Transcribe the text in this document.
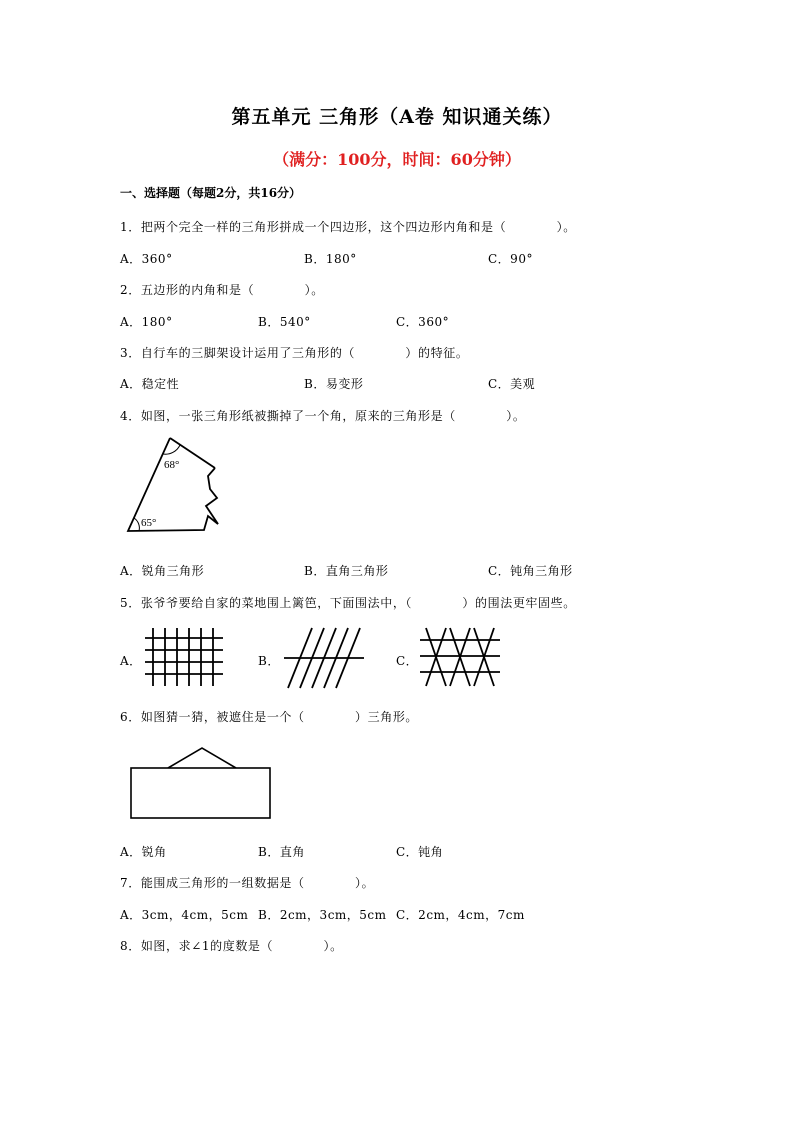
第五单元 三角形（A卷 知识通关练）
（满分：100分，时间：60分钟）
一、选择题（每题2分，共16分）
1．把两个完全一样的三角形拼成一个四边形，这个四边形内角和是（　　　　）。
A．360°	B．180°	C．90°
2．五边形的内角和是（　　　　）。
A．180°	B．540°	C．360°
3．自行车的三脚架设计运用了三角形的（　　　　）的特征。
A．稳定性	B．易变形	C．美观
4．如图，一张三角形纸被撕掉了一个角，原来的三角形是（　　　　）。
68°
65°
A．锐角三角形	B．直角三角形	C．钝角三角形
5．张爷爷要给自家的菜地围上篱笆，下面围法中，（　　　　）的围法更牢固些。
A．	B．	C．
6．如图猜一猜，被遮住是一个（　　　　）三角形。
A．锐角	B．直角	C．钝角
7．能围成三角形的一组数据是（　　　　）。
A．3cm，4cm，5cm B．2cm，3cm，5cm C．2cm，4cm，7cm
8．如图，求∠1的度数是（　　　　）。
